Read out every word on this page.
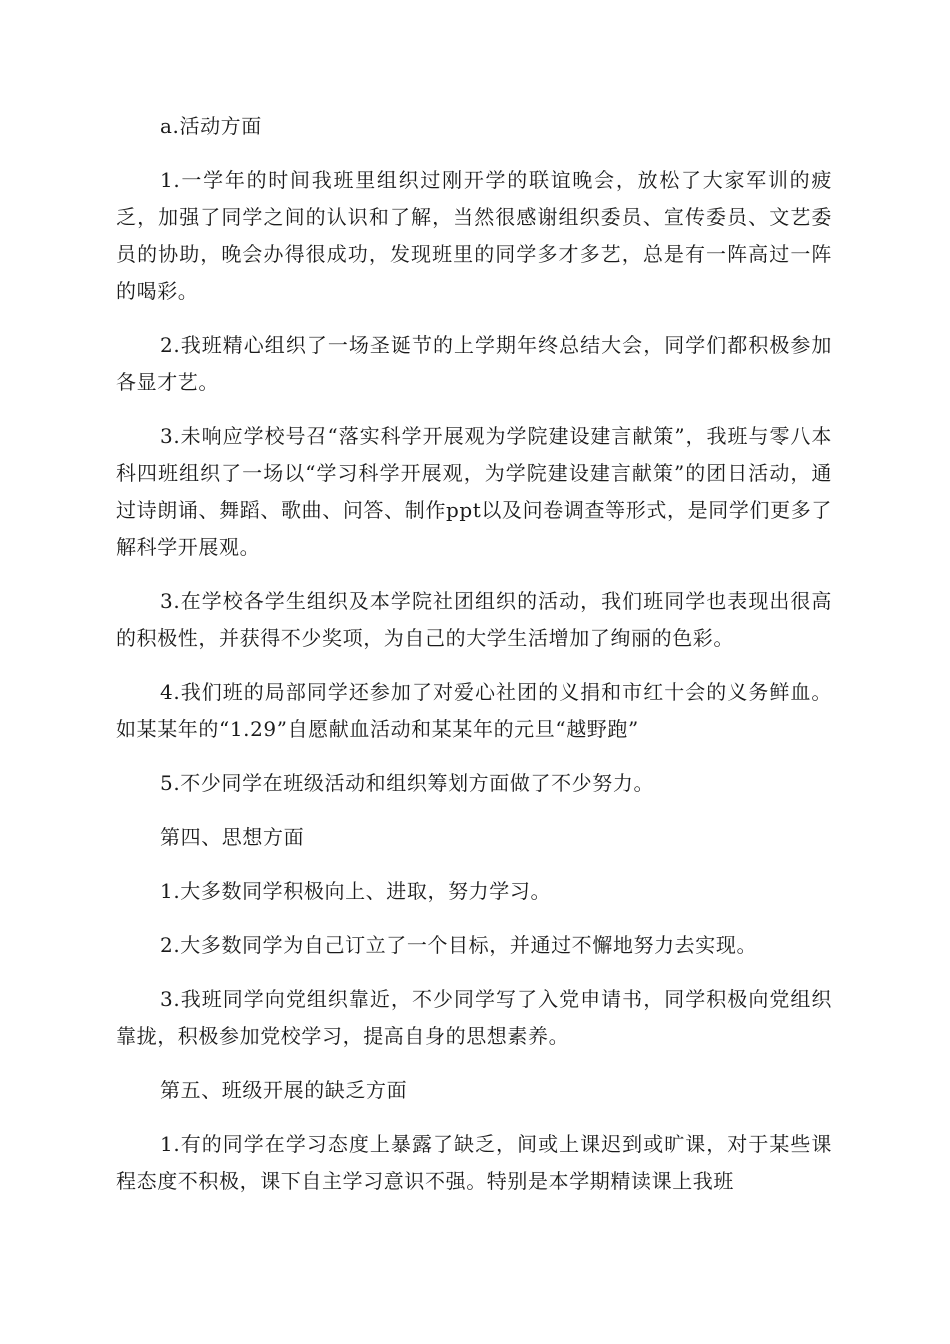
a.活动方面

1.一学年的时间我班里组织过刚开学的联谊晚会，放松了大家军训的疲乏，加强了同学之间的认识和了解，当然很感谢组织委员、宣传委员、文艺委员的协助，晚会办得很成功，发现班里的同学多才多艺，总是有一阵高过一阵的喝彩。

2.我班精心组织了一场圣诞节的上学期年终总结大会，同学们都积极参加各显才艺。

3.未响应学校号召“落实科学开展观为学院建设建言献策”，我班与零八本科四班组织了一场以“学习科学开展观，为学院建设建言献策”的团日活动，通过诗朗诵、舞蹈、歌曲、问答、制作ppt以及问卷调查等形式，是同学们更多了解科学开展观。

3.在学校各学生组织及本学院社团组织的活动，我们班同学也表现出很高的积极性，并获得不少奖项，为自己的大学生活增加了绚丽的色彩。

4.我们班的局部同学还参加了对爱心社团的义捐和市红十会的义务鲜血。如某某年的“1.29”自愿献血活动和某某年的元旦“越野跑”

5.不少同学在班级活动和组织筹划方面做了不少努力。

第四、思想方面

1.大多数同学积极向上、进取，努力学习。

2.大多数同学为自己订立了一个目标，并通过不懈地努力去实现。

3.我班同学向党组织靠近，不少同学写了入党申请书，同学积极向党组织靠拢，积极参加党校学习，提高自身的思想素养。

第五、班级开展的缺乏方面

1.有的同学在学习态度上暴露了缺乏，间或上课迟到或旷课，对于某些课程态度不积极，课下自主学习意识不强。特别是本学期精读课上我班
